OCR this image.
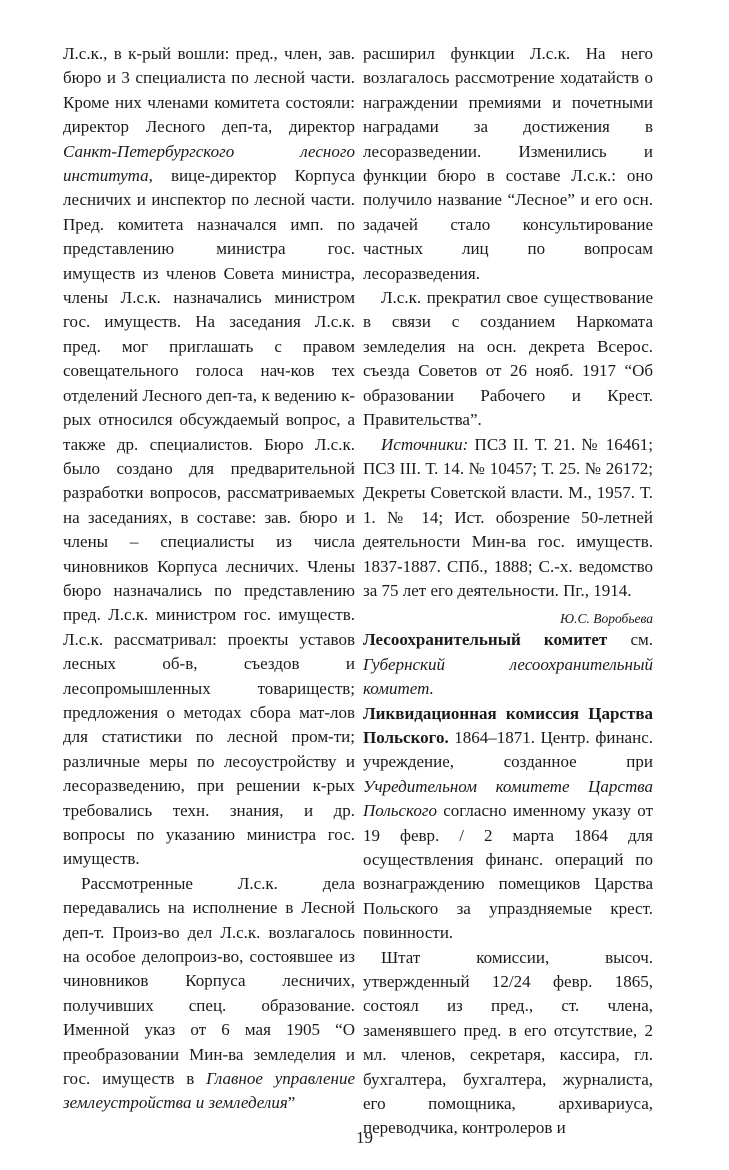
Л.с.к., в к-рый вошли: пред., член, зав. бюро и 3 специалиста по лесной части. Кроме них членами комитета состояли: директор Лесного деп-та, директор Санкт-Петербургского лесного института, вице-директор Корпуса лесничих и инспектор по лесной части. Пред. комитета назначался имп. по представлению министра гос. имуществ из членов Совета министра, члены Л.с.к. назначались министром гос. имуществ. На заседания Л.с.к. пред. мог приглашать с правом совещательного голоса нач-ков тех отделений Лесного деп-та, к ведению к-рых относился обсуждаемый вопрос, а также др. специалистов. Бюро Л.с.к. было создано для предварительной разработки вопросов, рассматриваемых на заседаниях, в составе: зав. бюро и члены – специалисты из числа чиновников Корпуса лесничих. Члены бюро назначались по представлению пред. Л.с.к. министром гос. имуществ. Л.с.к. рассматривал: проекты уставов лесных об-в, съездов и лесопромышленных товариществ; предложения о методах сбора мат-лов для статистики по лесной пром-ти; различные меры по лесоустройству и лесоразведению, при решении к-рых требовались техн. знания, и др. вопросы по указанию министра гос. имуществ.

Рассмотренные Л.с.к. дела передавались на исполнение в Лесной деп-т. Произ-во дел Л.с.к. возлагалось на особое делопроиз-во, состоявшее из чиновников Корпуса лесничих, получивших спец. образование. Именной указ от 6 мая 1905 “О преобразовании Мин-ва земледелия и гос. имуществ в Главное управление землеустройства и земледелия”

расширил функции Л.с.к. На него возлагалось рассмотрение ходатайств о награждении премиями и почетными наградами за достижения в лесоразведении. Изменились и функции бюро в составе Л.с.к.: оно получило название “Лесное” и его осн. задачей стало консультирование частных лиц по вопросам лесоразведения.

Л.с.к. прекратил свое существование в связи с созданием Наркомата земледелия на осн. декрета Всерос. съезда Советов от 26 нояб. 1917 “Об образовании Рабочего и Крест. Правительства”.

Источники: ПСЗ II. Т. 21. № 16461; ПСЗ III. Т. 14. № 10457; Т. 25. № 26172; Декреты Советской власти. М., 1957. Т. 1. № 14; Ист. обозрение 50-летней деятельности Мин-ва гос. имуществ. 1837-1887. СПб., 1888; С.-х. ведомство за 75 лет его деятельности. Пг., 1914.

Ю.С. Воробьева

Лесоохранительный комитет см. Губернский лесоохранительный комитет.

Ликвидационная комиссия Царства Польского. 1864–1871. Центр. финанс. учреждение, созданное при Учредительном комитете Царства Польского согласно именному указу от 19 февр. / 2 марта 1864 для осуществления финанс. операций по вознаграждению помещиков Царства Польского за упраздняемые крест. повинности.

Штат комиссии, высоч. утвержденный 12/24 февр. 1865, состоял из пред., ст. члена, заменявшего пред. в его отсутствие, 2 мл. членов, секретаря, кассира, гл. бухгалтера, бухгалтера, журналиста, его помощника, архивариуса, переводчика, контролеров и

19
